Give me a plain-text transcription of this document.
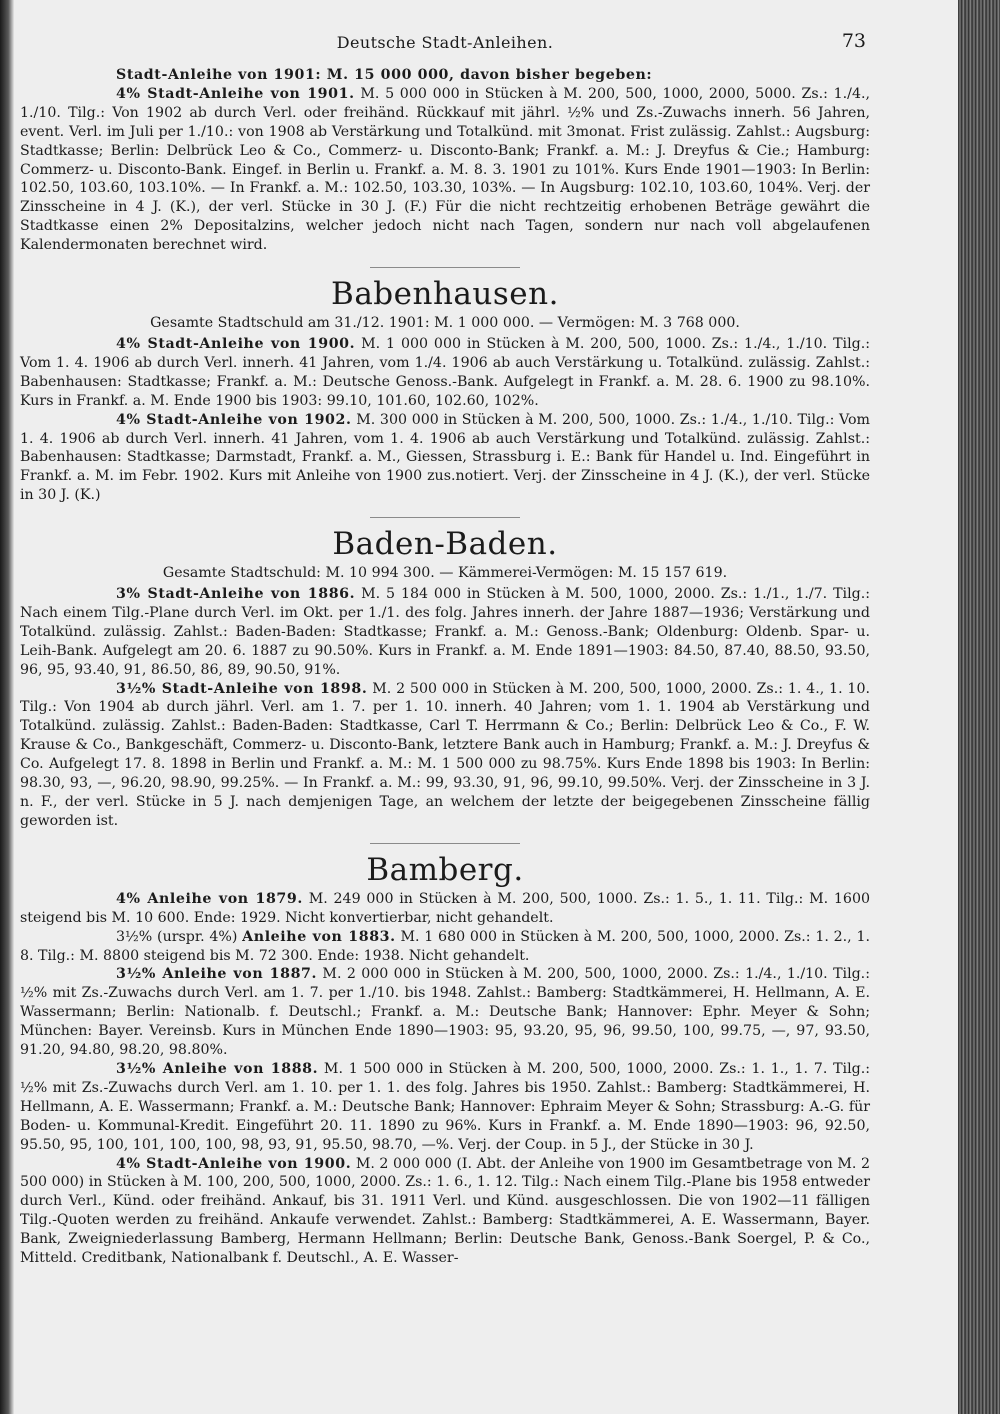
Deutsche Stadt-Anleihen.	73

Stadt-Anleihe von 1901: M. 15 000 000, davon bisher begeben:

4% Stadt-Anleihe von 1901. M. 5 000 000 in Stücken à M. 200, 500, 1000, 2000, 5000. Zs.: 1./4., 1./10. Tilg.: Von 1902 ab durch Verl. oder freihänd. Rückkauf mit jährl. ½% und Zs.-Zuwachs innerh. 56 Jahren, event. Verl. im Juli per 1./10.: von 1908 ab Verstärkung und Totalkünd. mit 3monat. Frist zulässig. Zahlst.: Augsburg: Stadtkasse; Berlin: Delbrück Leo & Co., Commerz- u. Disconto-Bank; Frankf. a. M.: J. Dreyfus & Cie.; Hamburg: Commerz- u. Disconto-Bank. Eingef. in Berlin u. Frankf. a. M. 8. 3. 1901 zu 101%. Kurs Ende 1901—1903: In Berlin: 102.50, 103.60, 103.10%. — In Frankf. a. M.: 102.50, 103.30, 103%. — In Augsburg: 102.10, 103.60, 104%. Verj. der Zinsscheine in 4 J. (K.), der verl. Stücke in 30 J. (F.) Für die nicht rechtzeitig erhobenen Beträge gewährt die Stadtkasse einen 2% Depositalzins, welcher jedoch nicht nach Tagen, sondern nur nach voll abgelaufenen Kalendermonaten berechnet wird.

Babenhausen.

Gesamte Stadtschuld am 31./12. 1901: M. 1 000 000. — Vermögen: M. 3 768 000.

4% Stadt-Anleihe von 1900. M. 1 000 000 in Stücken à M. 200, 500, 1000. Zs.: 1./4., 1./10. Tilg.: Vom 1. 4. 1906 ab durch Verl. innerh. 41 Jahren, vom 1./4. 1906 ab auch Verstärkung u. Totalkünd. zulässig. Zahlst.: Babenhausen: Stadtkasse; Frankf. a. M.: Deutsche Genoss.-Bank. Aufgelegt in Frankf. a. M. 28. 6. 1900 zu 98.10%. Kurs in Frankf. a. M. Ende 1900 bis 1903: 99.10, 101.60, 102.60, 102%.

4% Stadt-Anleihe von 1902. M. 300 000 in Stücken à M. 200, 500, 1000. Zs.: 1./4., 1./10. Tilg.: Vom 1. 4. 1906 ab durch Verl. innerh. 41 Jahren, vom 1. 4. 1906 ab auch Verstärkung und Totalkünd. zulässig. Zahlst.: Babenhausen: Stadtkasse; Darmstadt, Frankf. a. M., Giessen, Strassburg i. E.: Bank für Handel u. Ind. Eingeführt in Frankf. a. M. im Febr. 1902. Kurs mit Anleihe von 1900 zus.notiert. Verj. der Zinsscheine in 4 J. (K.), der verl. Stücke in 30 J. (K.)

Baden-Baden.

Gesamte Stadtschuld: M. 10 994 300. — Kämmerei-Vermögen: M. 15 157 619.

3% Stadt-Anleihe von 1886. M. 5 184 000 in Stücken à M. 500, 1000, 2000. Zs.: 1./1., 1./7. Tilg.: Nach einem Tilg.-Plane durch Verl. im Okt. per 1./1. des folg. Jahres innerh. der Jahre 1887—1936; Verstärkung und Totalkünd. zulässig. Zahlst.: Baden-Baden: Stadtkasse; Frankf. a. M.: Genoss.-Bank; Oldenburg: Oldenb. Spar- u. Leih-Bank. Aufgelegt am 20. 6. 1887 zu 90.50%. Kurs in Frankf. a. M. Ende 1891—1903: 84.50, 87.40, 88.50, 93.50, 96, 95, 93.40, 91, 86.50, 86, 89, 90.50, 91%.

3½% Stadt-Anleihe von 1898. M. 2 500 000 in Stücken à M. 200, 500, 1000, 2000. Zs.: 1. 4., 1. 10. Tilg.: Von 1904 ab durch jährl. Verl. am 1. 7. per 1. 10. innerh. 40 Jahren; vom 1. 1. 1904 ab Verstärkung und Totalkünd. zulässig. Zahlst.: Baden-Baden: Stadtkasse, Carl T. Herrmann & Co.; Berlin: Delbrück Leo & Co., F. W. Krause & Co., Bankgeschäft, Commerz- u. Disconto-Bank, letztere Bank auch in Hamburg; Frankf. a. M.: J. Dreyfus & Co. Aufgelegt 17. 8. 1898 in Berlin und Frankf. a. M.: M. 1 500 000 zu 98.75%. Kurs Ende 1898 bis 1903: In Berlin: 98.30, 93, —, 96.20, 98.90, 99.25%. — In Frankf. a. M.: 99, 93.30, 91, 96, 99.10, 99.50%. Verj. der Zinsscheine in 3 J. n. F., der verl. Stücke in 5 J. nach demjenigen Tage, an welchem der letzte der beigegebenen Zinsscheine fällig geworden ist.

Bamberg.

4% Anleihe von 1879. M. 249 000 in Stücken à M. 200, 500, 1000. Zs.: 1. 5., 1. 11. Tilg.: M. 1600 steigend bis M. 10 600. Ende: 1929. Nicht konvertierbar, nicht gehandelt.

3½% (urspr. 4%) Anleihe von 1883. M. 1 680 000 in Stücken à M. 200, 500, 1000, 2000. Zs.: 1. 2., 1. 8. Tilg.: M. 8800 steigend bis M. 72 300. Ende: 1938. Nicht gehandelt.

3½% Anleihe von 1887. M. 2 000 000 in Stücken à M. 200, 500, 1000, 2000. Zs.: 1./4., 1./10. Tilg.: ½% mit Zs.-Zuwachs durch Verl. am 1. 7. per 1./10. bis 1948. Zahlst.: Bamberg: Stadtkämmerei, H. Hellmann, A. E. Wassermann; Berlin: Nationalb. f. Deutschl.; Frankf. a. M.: Deutsche Bank; Hannover: Ephr. Meyer & Sohn; München: Bayer. Vereinsb. Kurs in München Ende 1890—1903: 95, 93.20, 95, 96, 99.50, 100, 99.75, —, 97, 93.50, 91.20, 94.80, 98.20, 98.80%.

3½% Anleihe von 1888. M. 1 500 000 in Stücken à M. 200, 500, 1000, 2000. Zs.: 1. 1., 1. 7. Tilg.: ½% mit Zs.-Zuwachs durch Verl. am 1. 10. per 1. 1. des folg. Jahres bis 1950. Zahlst.: Bamberg: Stadtkämmerei, H. Hellmann, A. E. Wassermann; Frankf. a. M.: Deutsche Bank; Hannover: Ephraim Meyer & Sohn; Strassburg: A.-G. für Boden- u. Kommunal-Kredit. Eingeführt 20. 11. 1890 zu 96%. Kurs in Frankf. a. M. Ende 1890—1903: 96, 92.50, 95.50, 95, 100, 101, 100, 100, 98, 93, 91, 95.50, 98.70, —%. Verj. der Coup. in 5 J., der Stücke in 30 J.

4% Stadt-Anleihe von 1900. M. 2 000 000 (I. Abt. der Anleihe von 1900 im Gesamtbetrage von M. 2 500 000) in Stücken à M. 100, 200, 500, 1000, 2000. Zs.: 1. 6., 1. 12. Tilg.: Nach einem Tilg.-Plane bis 1958 entweder durch Verl., Künd. oder freihänd. Ankauf, bis 31. 1911 Verl. und Künd. ausgeschlossen. Die von 1902—11 fälligen Tilg.-Quoten werden zu freihänd. Ankaufe verwendet. Zahlst.: Bamberg: Stadtkämmerei, A. E. Wassermann, Bayer. Bank, Zweigniederlassung Bamberg, Hermann Hellmann; Berlin: Deutsche Bank, Genoss.-Bank Soergel, P. & Co., Mitteld. Creditbank, Nationalbank f. Deutschl., A. E. Wasser-
